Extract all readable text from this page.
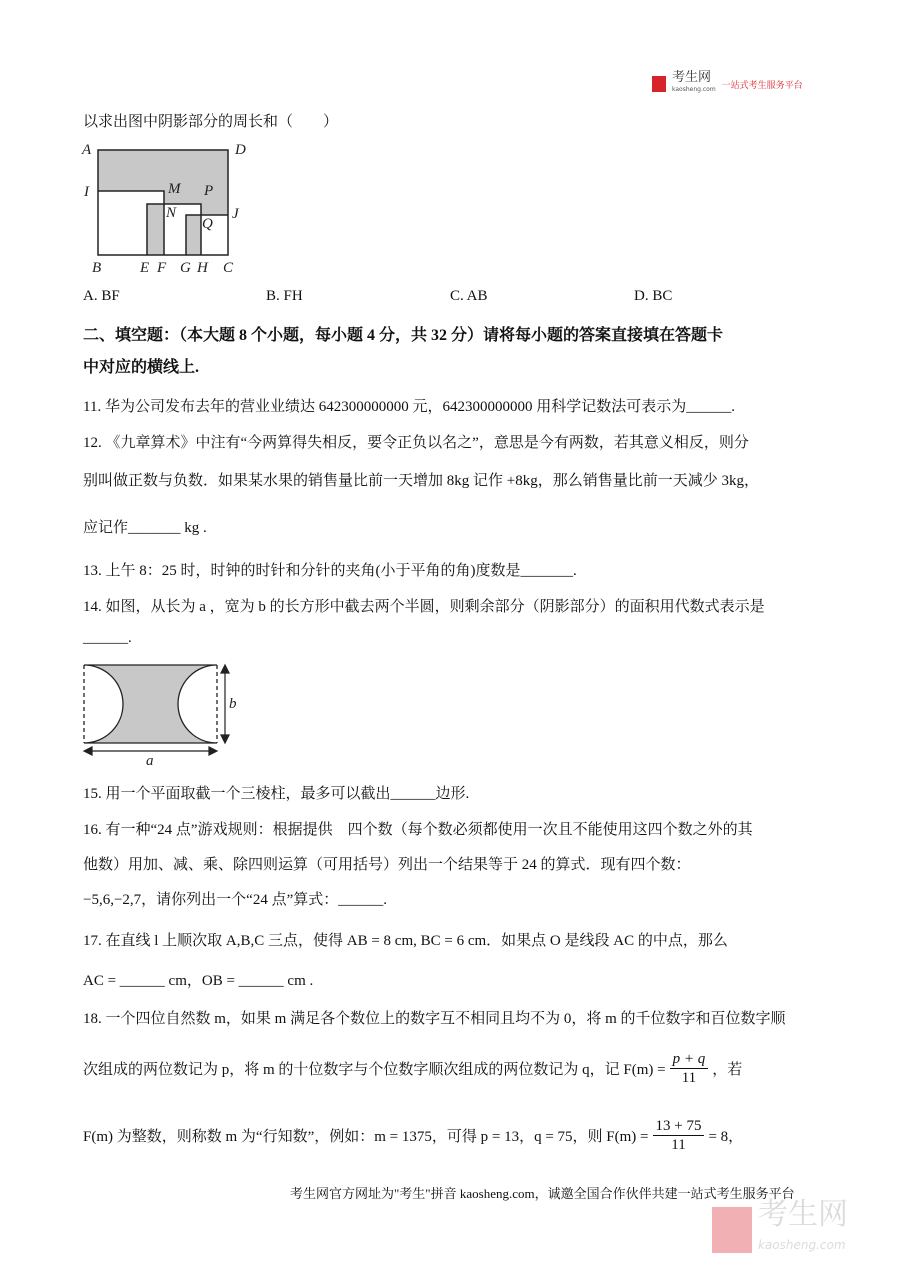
考生网
kaosheng.com 一站式考生服务平台
以求出图中阴影部分的周长和（　　）
A	D
I	M P
N	J
Q
B	E F G H C
A. BF	B. FH	C. AB	D. BC
二、填空题：（本大题 8 个小题，每小题 4 分，共 32 分）请将每小题的答案直接填在答题卡
中对应的横线上.
11. 华为公司发布去年的营业业绩达 642300000000 元，642300000000 用科学记数法可表示为______.
12. 《九章算术》中注有“今两算得失相反，要令正负以名之”，意思是今有两数，若其意义相反，则分
别叫做正数与负数．如果某水果的销售量比前一天增加 8kg 记作 +8kg，那么销售量比前一天减少 3kg，
应记作_______ kg .
13. 上午 8：25 时，时钟的时针和分针的夹角(小于平角的角)度数是_______.
14. 如图，从长为 a ，宽为 b 的长方形中截去两个半圆，则剩余部分（阴影部分）的面积用代数式表示是
______.
b
a
15. 用一个平面取截一个三棱柱，最多可以截出______边形.
16. 有一种“24 点”游戏规则：根据提供　四个数（每个数必须都使用一次且不能使用这四个数之外的其
他数）用加、减、乘、除四则运算（可用括号）列出一个结果等于 24 的算式．现有四个数：
−5,6,−2,7，请你列出一个“24 点”算式：______.
17. 在直线 l 上顺次取 A,B,C 三点，使得 AB = 8 cm, BC = 6 cm．如果点 O 是线段 AC 的中点，那么
AC = ______ cm，OB = ______ cm .
18. 一个四位自然数 m，如果 m 满足各个数位上的数字互不相同且均不为 0，将 m 的千位数字和百位数字顺
次组成的两位数记为 p，将 m 的十位数字与个位数字顺次组成的两位数记为 q，记 $F(m) = \frac{p + q}{11}$ ，若
F(m) 为整数，则称数 m 为“行知数”，例如：m = 1375，可得 p = 13，q = 75，则 $F(m) = \frac{13 + 75}{11} = 8$，
考生网官方网址为"考生"拼音 kaosheng.com，诚邀全国合作伙伴共建一站式考生服务平台
考生网
kaosheng.com
